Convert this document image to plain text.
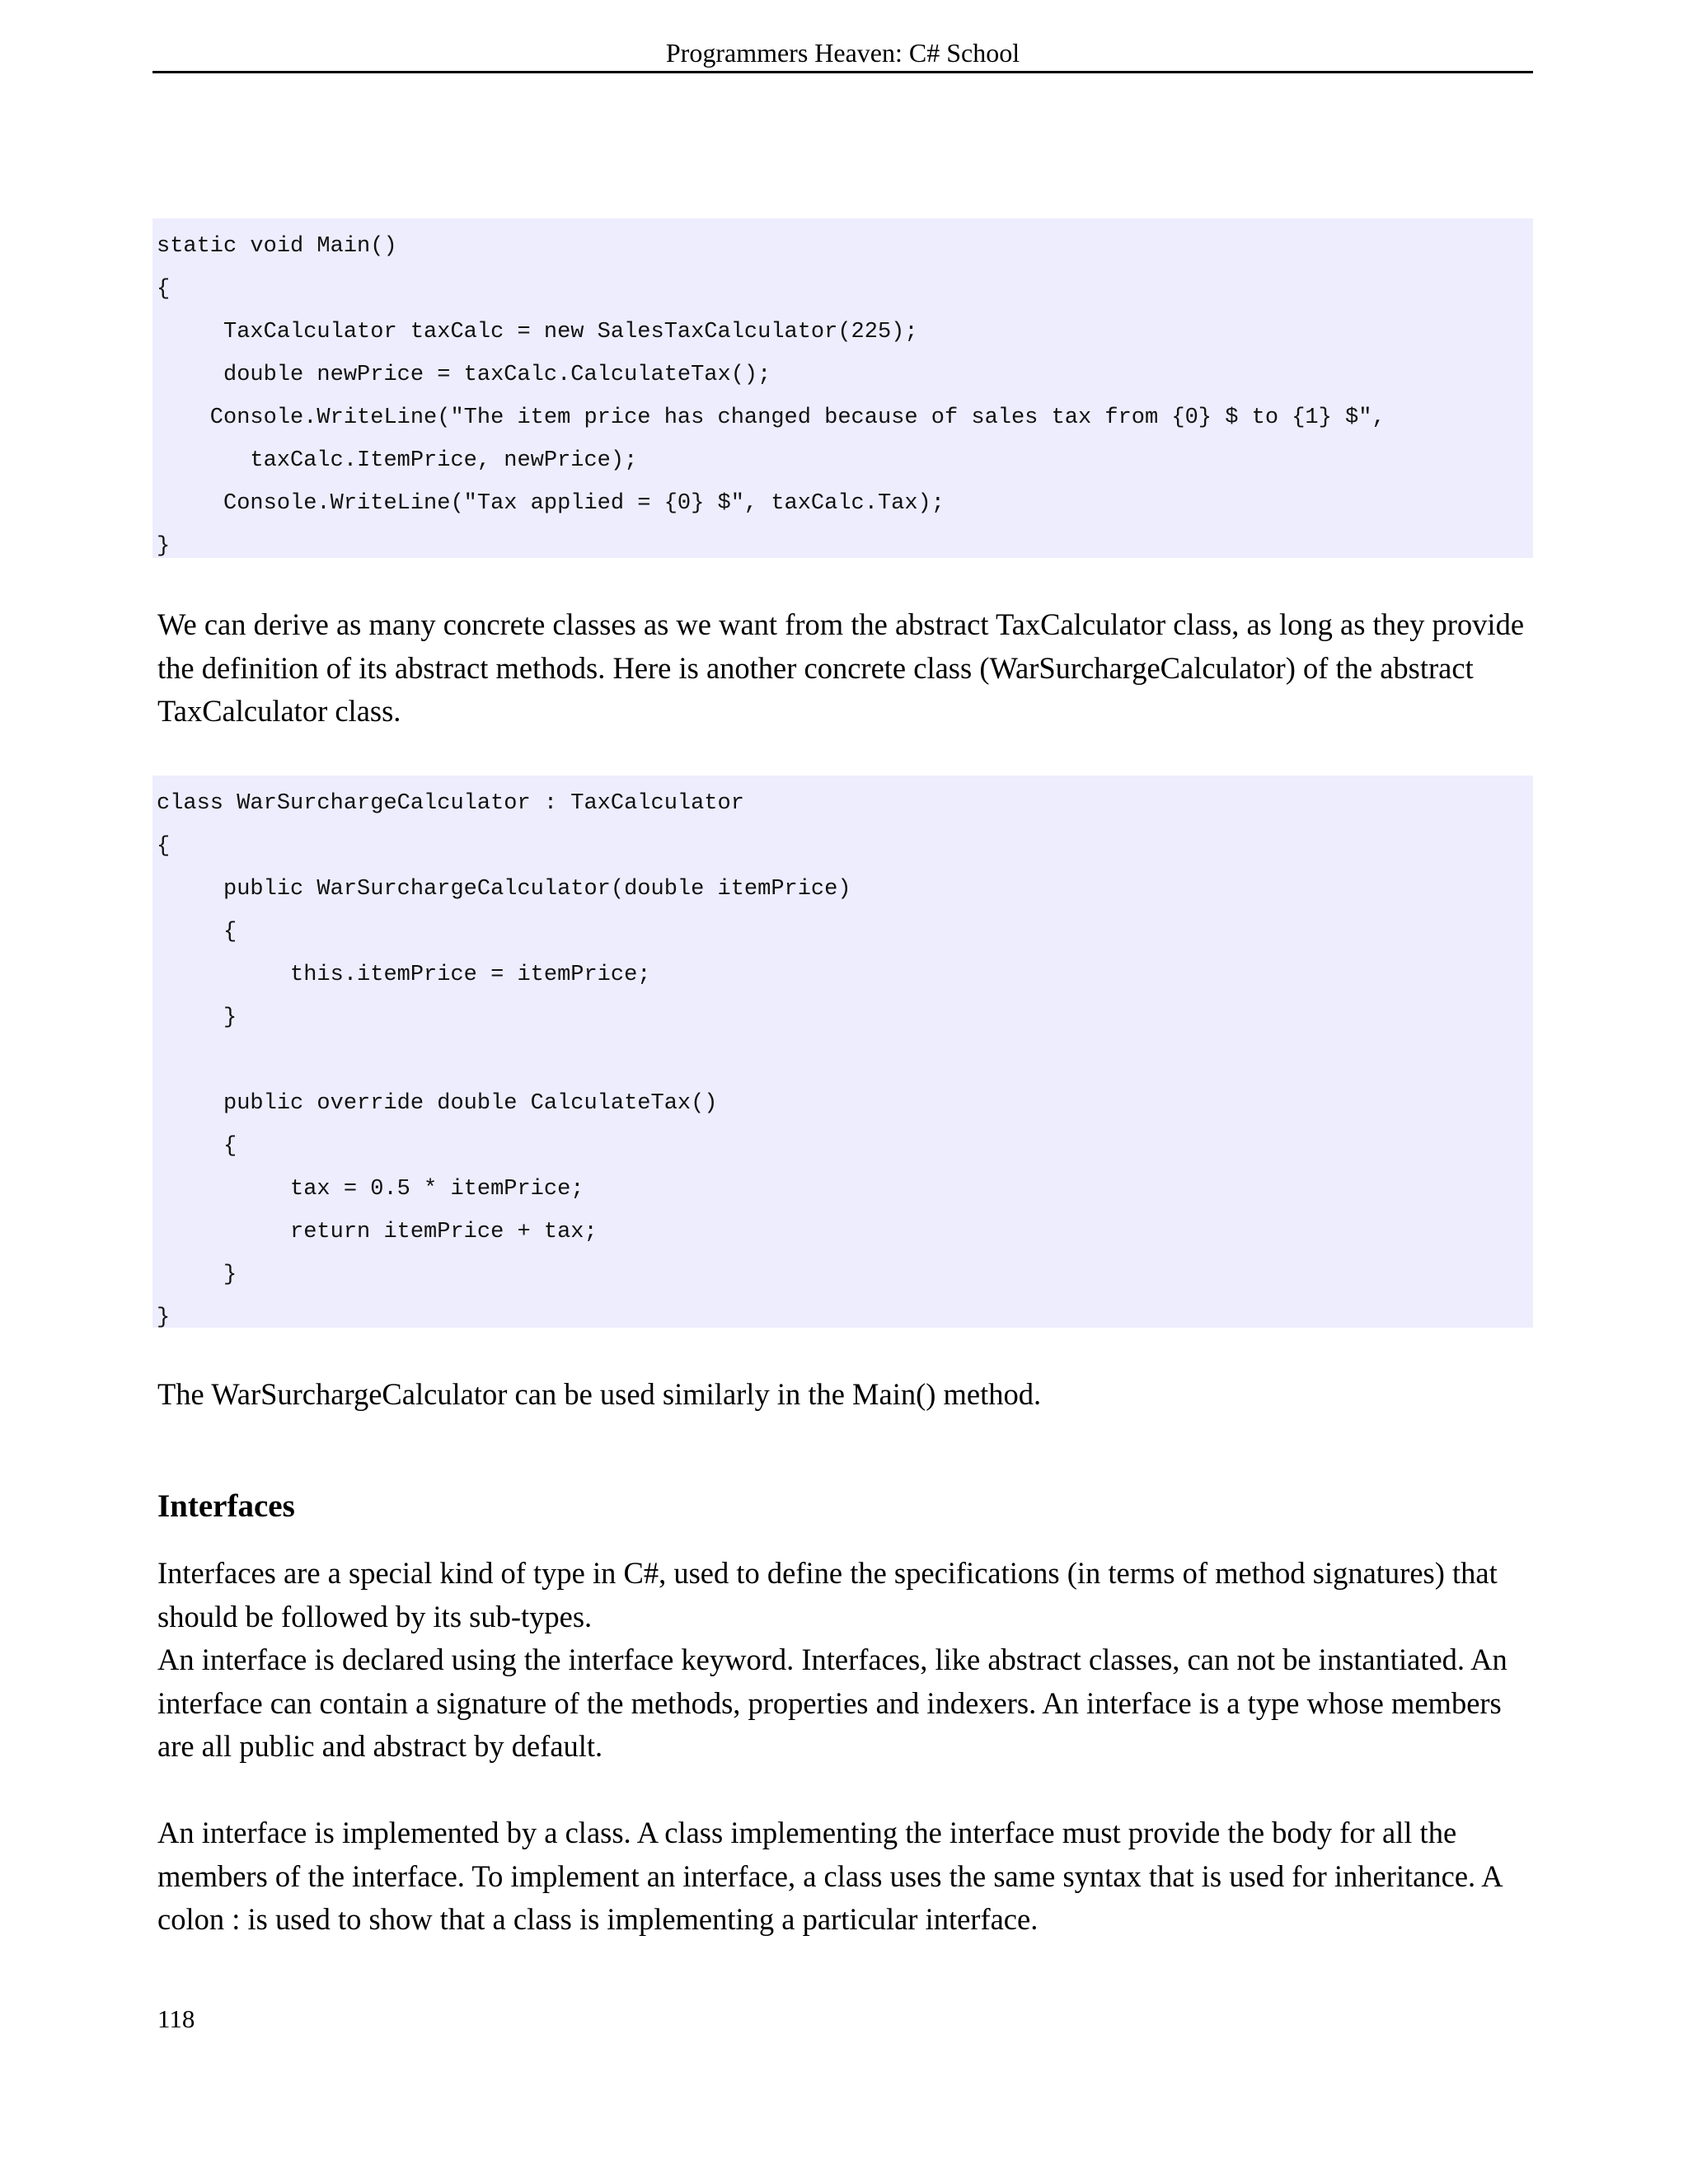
Programmers Heaven: C# School
static void Main()
{
TaxCalculator taxCalc = new SalesTaxCalculator(225);
double newPrice = taxCalc.CalculateTax();
Console.WriteLine("The item price has changed because of sales tax from {0} $ to {1} $",
taxCalc.ItemPrice, newPrice);
Console.WriteLine("Tax applied = {0} $", taxCalc.Tax);
}

We can derive as many concrete classes as we want from the abstract TaxCalculator class, as long as they provide the definition of its abstract methods. Here is another concrete class (WarSurchargeCalculator) of the abstract TaxCalculator class.

class WarSurchargeCalculator : TaxCalculator
{
public WarSurchargeCalculator(double itemPrice)
{
this.itemPrice = itemPrice;
}
public override double CalculateTax()
{
tax = 0.5 * itemPrice;
return itemPrice + tax;
}
}

The WarSurchargeCalculator can be used similarly in the Main() method.

Interfaces

Interfaces are a special kind of type in C#, used to define the specifications (in terms of method signatures) that should be followed by its sub-types.

An interface is declared using the interface keyword. Interfaces, like abstract classes, can not be instantiated. An interface can contain a signature of the methods, properties and indexers. An interface is a type whose members are all public and abstract by default.

An interface is implemented by a class. A class implementing the interface must provide the body for all the members of the interface. To implement an interface, a class uses the same syntax that is used for inheritance. A colon : is used to show that a class is implementing a particular interface.

118
